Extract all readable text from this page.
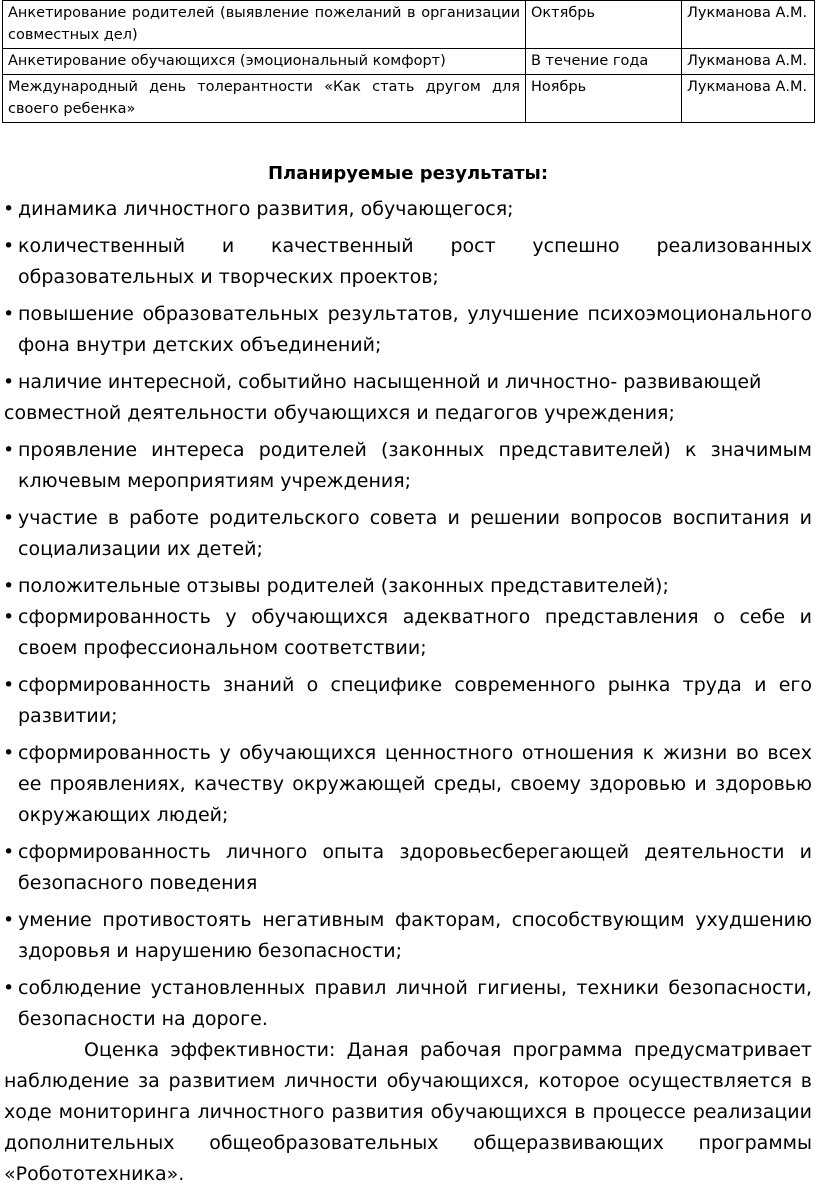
Анкетирование родителей (выявление пожеланий в организации совместных дел)	Октябрь	Лукманова А.М.
Анкетирование обучающихся (эмоциональный комфорт)	В течение года	Лукманова А.М.
Международный день толерантности «Как стать другом для своего ребенка»	Ноябрь	Лукманова А.М.
Планируемые результаты:
• динамика личностного развития, обучающегося;
• количественный и качественный рост успешно реализованных образовательных и творческих проектов;
• повышение образовательных результатов, улучшение психоэмоционального фона внутри детских объединений;
• наличие интересной, событийно насыщенной и личностно- развивающей
совместной деятельности обучающихся и педагогов учреждения;
• проявление интереса родителей (законных представителей) к значимым ключевым мероприятиям учреждения;
• участие в работе родительского совета и решении вопросов воспитания и социализации их детей;
• положительные отзывы родителей (законных представителей);
• сформированность у обучающихся адекватного представления о себе и своем профессиональном соответствии;
• сформированность знаний о специфике современного рынка труда и его развитии;
• сформированность у обучающихся ценностного отношения к жизни во всех ее проявлениях, качеству окружающей среды, своему здоровью и здоровью окружающих людей;
• сформированность личного опыта здоровьесберегающей деятельности и безопасного поведения
• умение противостоять негативным факторам, способствующим ухудшению здоровья и нарушению безопасности;
• соблюдение установленных правил личной гигиены, техники безопасности, безопасности на дороге.
Оценка эффективности: Даная рабочая программа предусматривает наблюдение за развитием личности обучающихся, которое осуществляется в ходе мониторинга личностного развития обучающихся в процессе реализации дополнительных общеобразовательных общеразвивающих программы «Робототехника».
